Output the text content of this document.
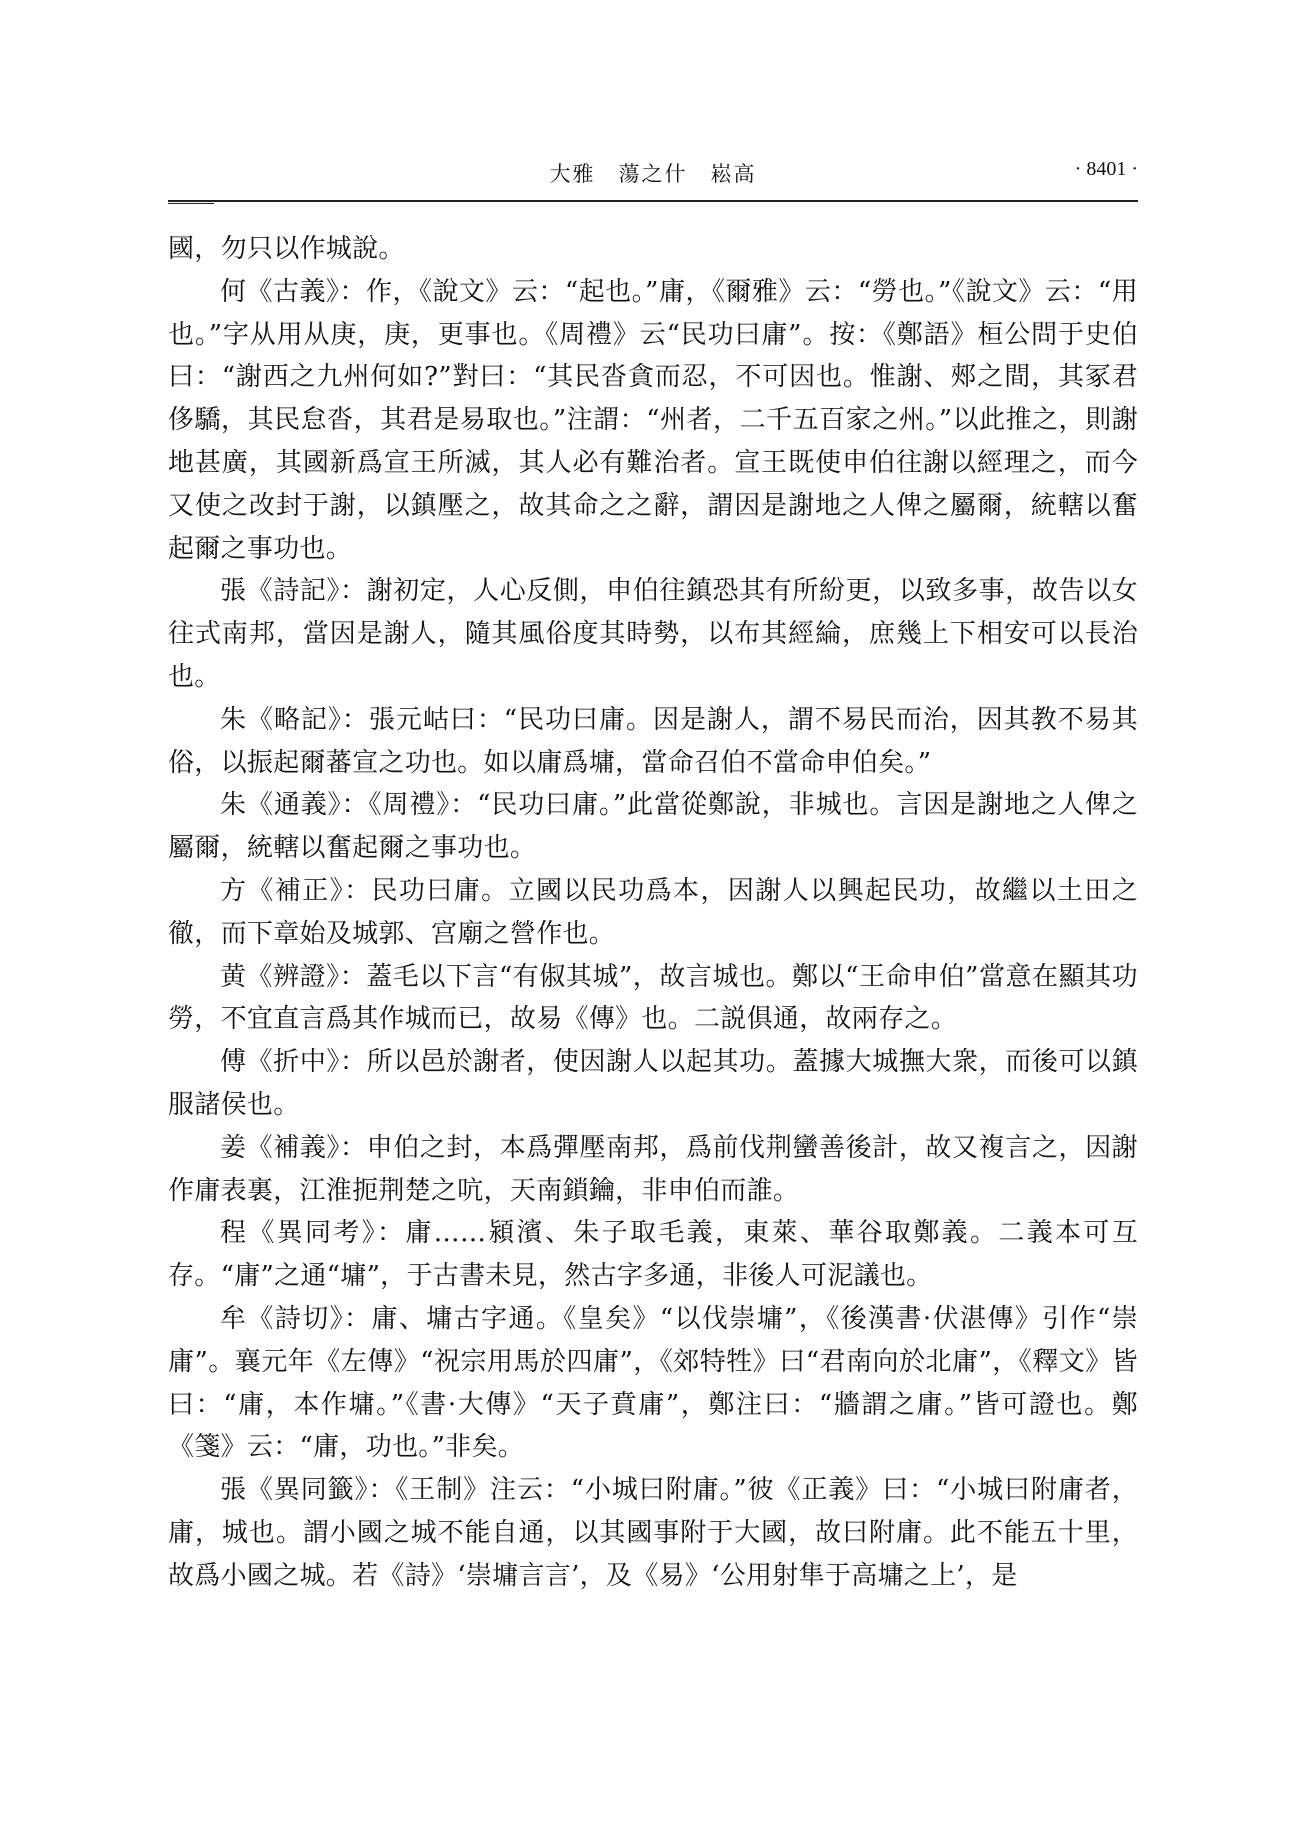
大雅　蕩之什　崧高	· 8401 ·

國，勿只以作城說。

何《古義》：作，《說文》云：“起也。”庸，《爾雅》云：“勞也。”《說文》云：“用也。”字从用从庚，庚，更事也。《周禮》云“民功曰庸”。按：《鄭語》桓公問于史伯曰：“謝西之九州何如?”對曰：“其民沓貪而忍，不可因也。惟謝、郟之間，其冢君侈驕，其民怠沓，其君是易取也。”注謂：“州者，二千五百家之州。”以此推之，則謝地甚廣，其國新爲宣王所滅，其人必有難治者。宣王既使申伯往謝以經理之，而今又使之改封于謝，以鎮壓之，故其命之之辭，謂因是謝地之人俾之屬爾，統轄以奮起爾之事功也。

張《詩記》：謝初定，人心反側，申伯往鎮恐其有所紛更，以致多事，故告以女往式南邦，當因是謝人，隨其風俗度其時勢，以布其經綸，庶幾上下相安可以長治也。

朱《略記》：張元岵曰：“民功曰庸。因是謝人，謂不易民而治，因其教不易其俗，以振起爾蕃宣之功也。如以庸爲墉，當命召伯不當命申伯矣。”

朱《通義》：《周禮》：“民功曰庸。”此當從鄭說，非城也。言因是謝地之人俾之屬爾，統轄以奮起爾之事功也。

方《補正》：民功曰庸。立國以民功爲本，因謝人以興起民功，故繼以土田之徹，而下章始及城郭、宫廟之營作也。

黄《辨證》：蓋毛以下言“有俶其城”，故言城也。鄭以“王命申伯”當意在顯其功勞，不宜直言爲其作城而已，故易《傳》也。二説俱通，故兩存之。

傅《折中》：所以邑於謝者，使因謝人以起其功。蓋據大城撫大衆，而後可以鎮服諸侯也。

姜《補義》：申伯之封，本爲彈壓南邦，爲前伐荆蠻善後計，故又複言之，因謝作庸表裏，江淮扼荆楚之吭，天南鎖鑰，非申伯而誰。

程《異同考》：庸……潁濱、朱子取毛義，東萊、華谷取鄭義。二義本可互存。“庸”之通“墉”，于古書未見，然古字多通，非後人可泥議也。

牟《詩切》：庸、墉古字通。《皇矣》“以伐崇墉”，《後漢書·伏湛傳》引作“崇庸”。襄元年《左傳》“祝宗用馬於四庸”，《郊特牲》曰“君南向於北庸”，《釋文》皆曰：“庸，本作墉。”《書·大傳》“天子賁庸”，鄭注曰：“牆謂之庸。”皆可證也。鄭《箋》云：“庸，功也。”非矣。

張《異同籤》：《王制》注云：“小城曰附庸。”彼《正義》曰：“小城曰附庸者，庸，城也。謂小國之城不能自通，以其國事附于大國，故曰附庸。此不能五十里，故爲小國之城。若《詩》‘崇墉言言’，及《易》‘公用射隼于高墉之上’，是
